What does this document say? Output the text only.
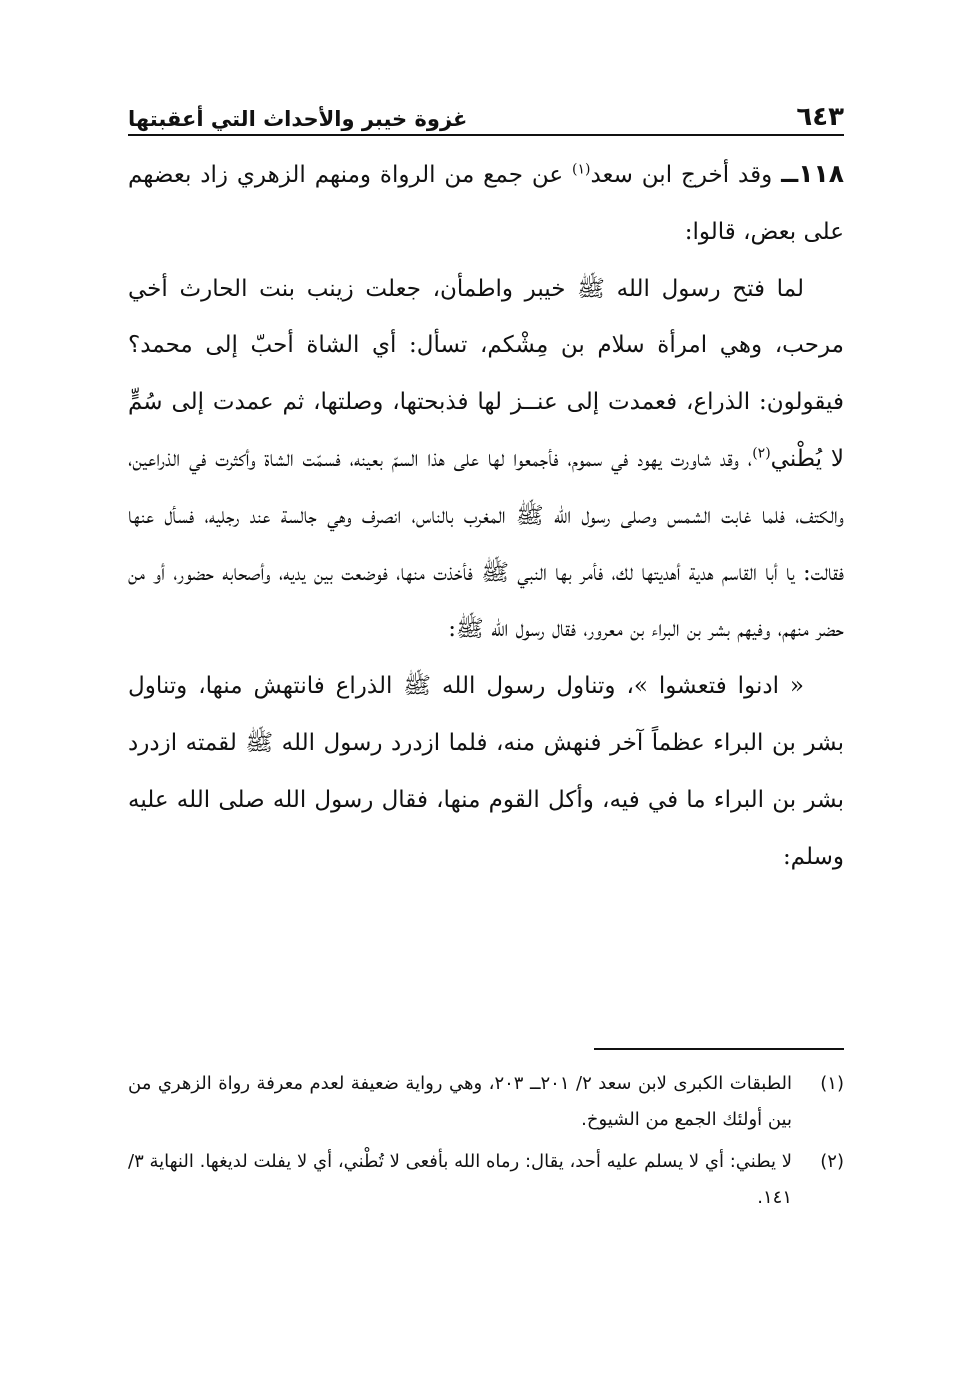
٦٤٣
غزوة خيبر والأحداث التي أعقبتها

١١٨ــ وقد أخرج ابن سعد$^{(١)}$ عن جمع من الرواة ومنهم الزهري زاد بعضهم على بعض، قالوا:

لما فتح رسول الله ﷺ خيبر واطمأن، جعلت زينب بنت الحارث أخي مرحب، وهي امرأة سلام بن مِشْكم، تسأل: أي الشاة أحبّ إلى محمد؟ فيقولون: الذراع، فعمدت إلى عنــز لها فذبحتها، وصلتها، ثم عمدت إلى سُمٍّ لا يُطْني$^{(٢)}$، وقد شاورت يهود في سموم، فأجمعوا لها على هذا السمّ بعينه، فسمّت الشاة وأكثرت في الذراعين، والكتف، فلما غابت الشمس وصلى رسول الله ﷺ المغرب بالناس، انصرف وهي جالسة عند رجليه، فسأل عنها فقالت: يا أبا القاسم هدية أهديتها لك، فأمر بها النبي ﷺ فأخذت منها، فوضعت بين يديه، وأصحابه حضور، أو من حضر منهم، وفيهم بشر بن البراء بن معرور، فقال رسول الله ﷺ:

« ادنوا فتعشوا »، وتناول رسول الله ﷺ الذراع فانتهش منها، وتناول بشر بن البراء عظماً آخر فنهش منه، فلما ازدرد رسول الله ﷺ لقمته ازدرد بشر بن البراء ما في فيه، وأكل القوم منها، فقال رسول الله صلى الله عليه وسلم:

(١)
الطبقات الكبرى لابن سعد ٢/ ٢٠١ــ ٢٠٣، وهي رواية ضعيفة لعدم معرفة رواة الزهري من بين أولئك الجمع من الشيوخ.
(٢)
لا يطني: أي لا يسلم عليه أحد، يقال: رماه الله بأفعى لا تُطْني، أي لا يفلت لديغها. النهاية ٣/ ١٤١.
